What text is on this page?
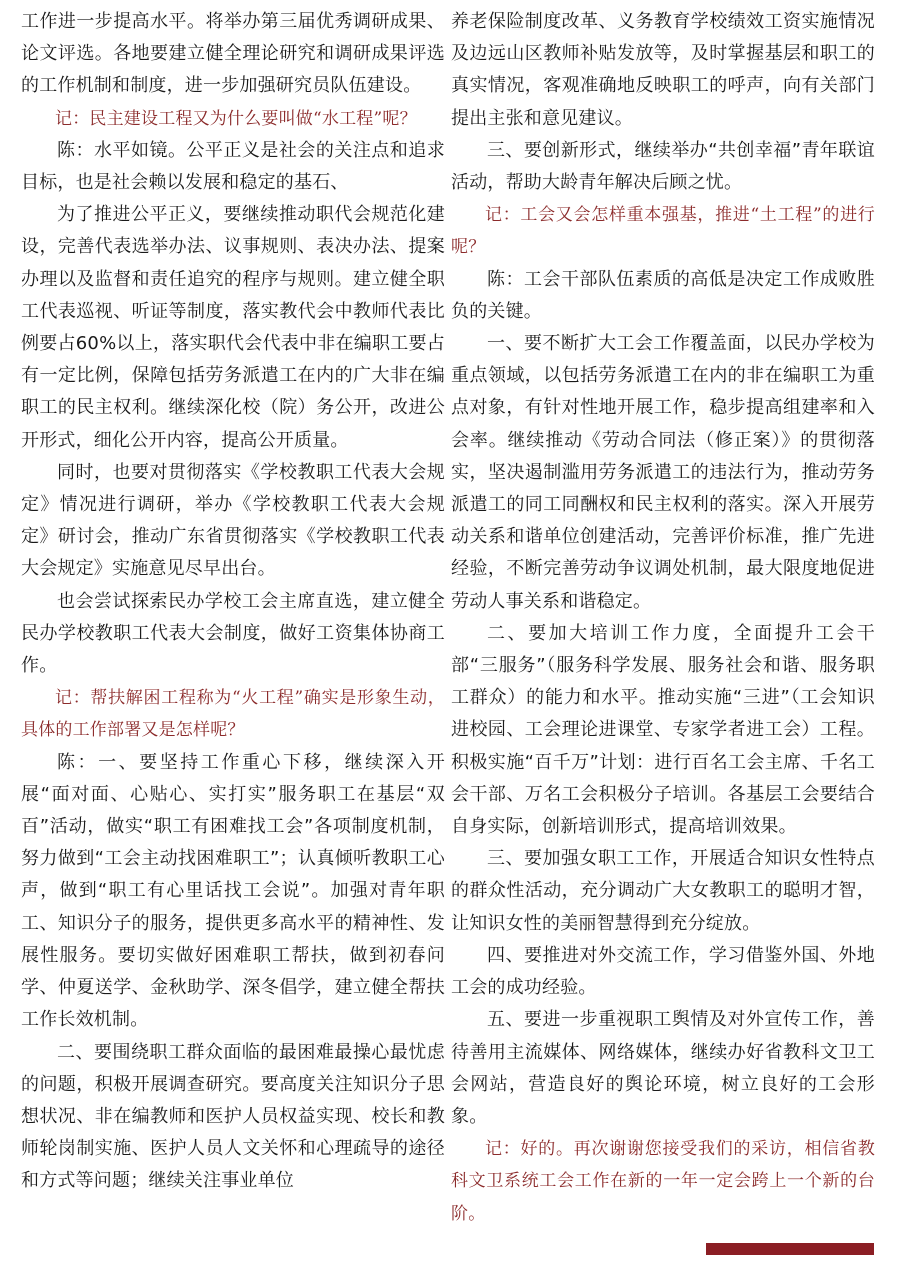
工作进一步提高水平。将举办第三届优秀调研成果、论文评选。各地要建立健全理论研究和调研成果评选的工作机制和制度，进一步加强研究员队伍建设。

记：民主建设工程又为什么要叫做“水工程”呢？

陈：水平如镜。公平正义是社会的关注点和追求目标，也是社会赖以发展和稳定的基石、

为了推进公平正义，要继续推动职代会规范化建设，完善代表选举办法、议事规则、表决办法、提案办理以及监督和责任追究的程序与规则。建立健全职工代表巡视、听证等制度，落实教代会中教师代表比例要占60%以上，落实职代会代表中非在编职工要占有一定比例，保障包括劳务派遣工在内的广大非在编职工的民主权利。继续深化校（院）务公开，改进公开形式，细化公开内容，提高公开质量。

同时，也要对贯彻落实《学校教职工代表大会规定》情况进行调研，举办《学校教职工代表大会规定》研讨会，推动广东省贯彻落实《学校教职工代表大会规定》实施意见尽早出台。

也会尝试探索民办学校工会主席直选，建立健全民办学校教职工代表大会制度，做好工资集体协商工作。

记：帮扶解困工程称为“火工程”确实是形象生动，具体的工作部署又是怎样呢？

陈：一、要坚持工作重心下移，继续深入开展“面对面、心贴心、实打实”服务职工在基层“双百”活动，做实“职工有困难找工会”各项制度机制，努力做到“工会主动找困难职工”；认真倾听教职工心声，做到“职工有心里话找工会说”。加强对青年职工、知识分子的服务，提供更多高水平的精神性、发展性服务。要切实做好困难职工帮扶，做到初春问学、仲夏送学、金秋助学、深冬倡学，建立健全帮扶工作长效机制。

二、要围绕职工群众面临的最困难最操心最忧虑的问题，积极开展调查研究。要高度关注知识分子思想状况、非在编教师和医护人员权益实现、校长和教师轮岗制实施、医护人员人文关怀和心理疏导的途径和方式等问题；继续关注事业单位

养老保险制度改革、义务教育学校绩效工资实施情况及边远山区教师补贴发放等，及时掌握基层和职工的真实情况，客观准确地反映职工的呼声，向有关部门提出主张和意见建议。

三、要创新形式，继续举办“共创幸福”青年联谊活动，帮助大龄青年解决后顾之忧。

记：工会又会怎样重本强基，推进“土工程”的进行呢？

陈：工会干部队伍素质的高低是决定工作成败胜负的关键。

一、要不断扩大工会工作覆盖面，以民办学校为重点领域，以包括劳务派遣工在内的非在编职工为重点对象，有针对性地开展工作，稳步提高组建率和入会率。继续推动《劳动合同法（修正案）》的贯彻落实，坚决遏制滥用劳务派遣工的违法行为，推动劳务派遣工的同工同酬权和民主权利的落实。深入开展劳动关系和谐单位创建活动，完善评价标准，推广先进经验，不断完善劳动争议调处机制，最大限度地促进劳动人事关系和谐稳定。

二、要加大培训工作力度，全面提升工会干部“三服务”（服务科学发展、服务社会和谐、服务职工群众）的能力和水平。推动实施“三进”（工会知识进校园、工会理论进课堂、专家学者进工会）工程。积极实施“百千万”计划：进行百名工会主席、千名工会干部、万名工会积极分子培训。各基层工会要结合自身实际，创新培训形式，提高培训效果。

三、要加强女职工工作，开展适合知识女性特点的群众性活动，充分调动广大女教职工的聪明才智，让知识女性的美丽智慧得到充分绽放。

四、要推进对外交流工作，学习借鉴外国、外地工会的成功经验。

五、要进一步重视职工舆情及对外宣传工作，善待善用主流媒体、网络媒体，继续办好省教科文卫工会网站，营造良好的舆论环境，树立良好的工会形象。

记：好的。再次谢谢您接受我们的采访，相信省教科文卫系统工会工作在新的一年一定会跨上一个新的台阶。
